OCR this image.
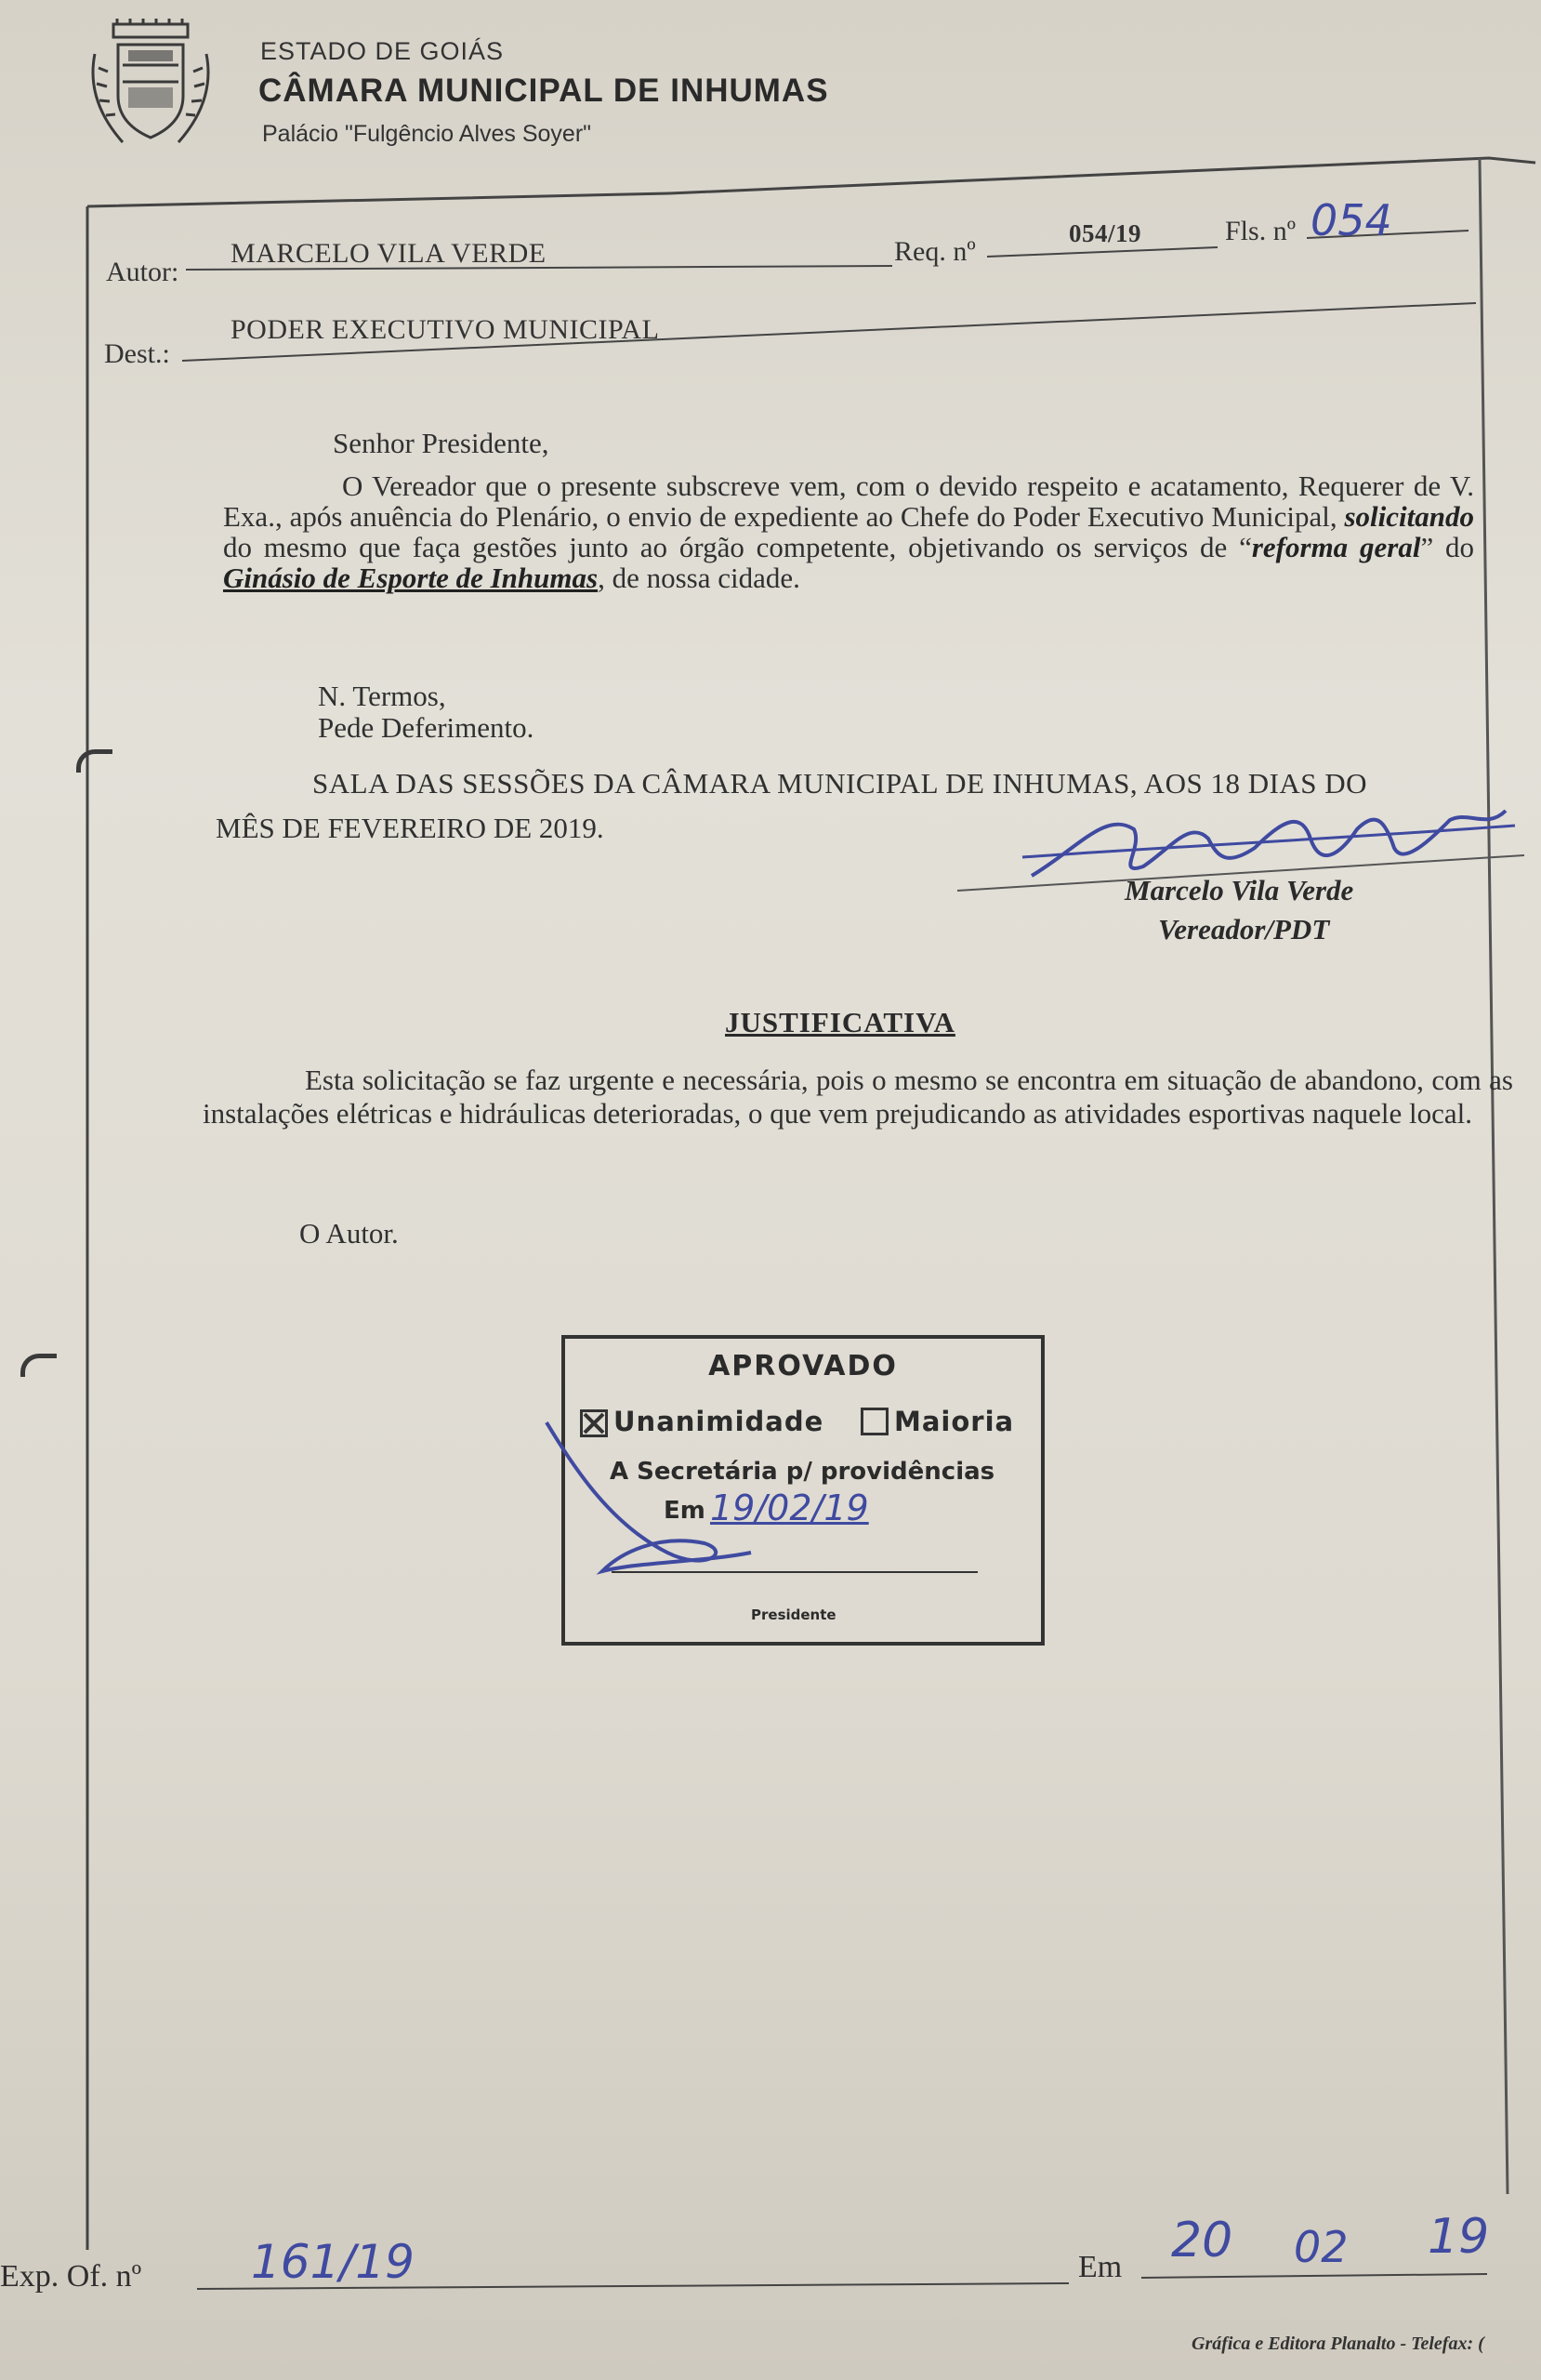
ESTADO DE GOIÁS
CÂMARA MUNICIPAL DE INHUMAS
Palácio "Fulgêncio Alves Soyer"
Autor:
MARCELO VILA VERDE	Req. nº
054/19	Fls. nº 054
Dest.:
PODER EXECUTIVO MUNICIPAL
Senhor Presidente,
O Vereador que o presente subscreve vem, com o devido respeito e acatamento, Requerer de V. Exa., após anuência do Plenário, o envio de expediente ao Chefe do Poder Executivo Municipal, solicitando do mesmo que faça gestões junto ao órgão competente, objetivando os serviços de “reforma geral” do Ginásio de Esporte de Inhumas, de nossa cidade.
N. Termos,
Pede Deferimento.
SALA DAS SESSÕES DA CÂMARA MUNICIPAL DE INHUMAS, AOS 18 DIAS DO
MÊS DE FEVEREIRO DE 2019.
Marcelo Vila Verde
Vereador/PDT
JUSTIFICATIVA
Esta solicitação se faz urgente e necessária, pois o mesmo se encontra em situação de abandono, com as instalações elétricas e hidráulicas deterioradas, o que vem prejudicando as atividades esportivas naquele local.
O Autor.
APROVADO
Unanimidade	Maioria
A Secretária p/ providências
Em 19/02/19
Presidente
Exp. Of. nº 161/19	Em 20 02 19
Gráfica e Editora Planalto - Telefax: (
